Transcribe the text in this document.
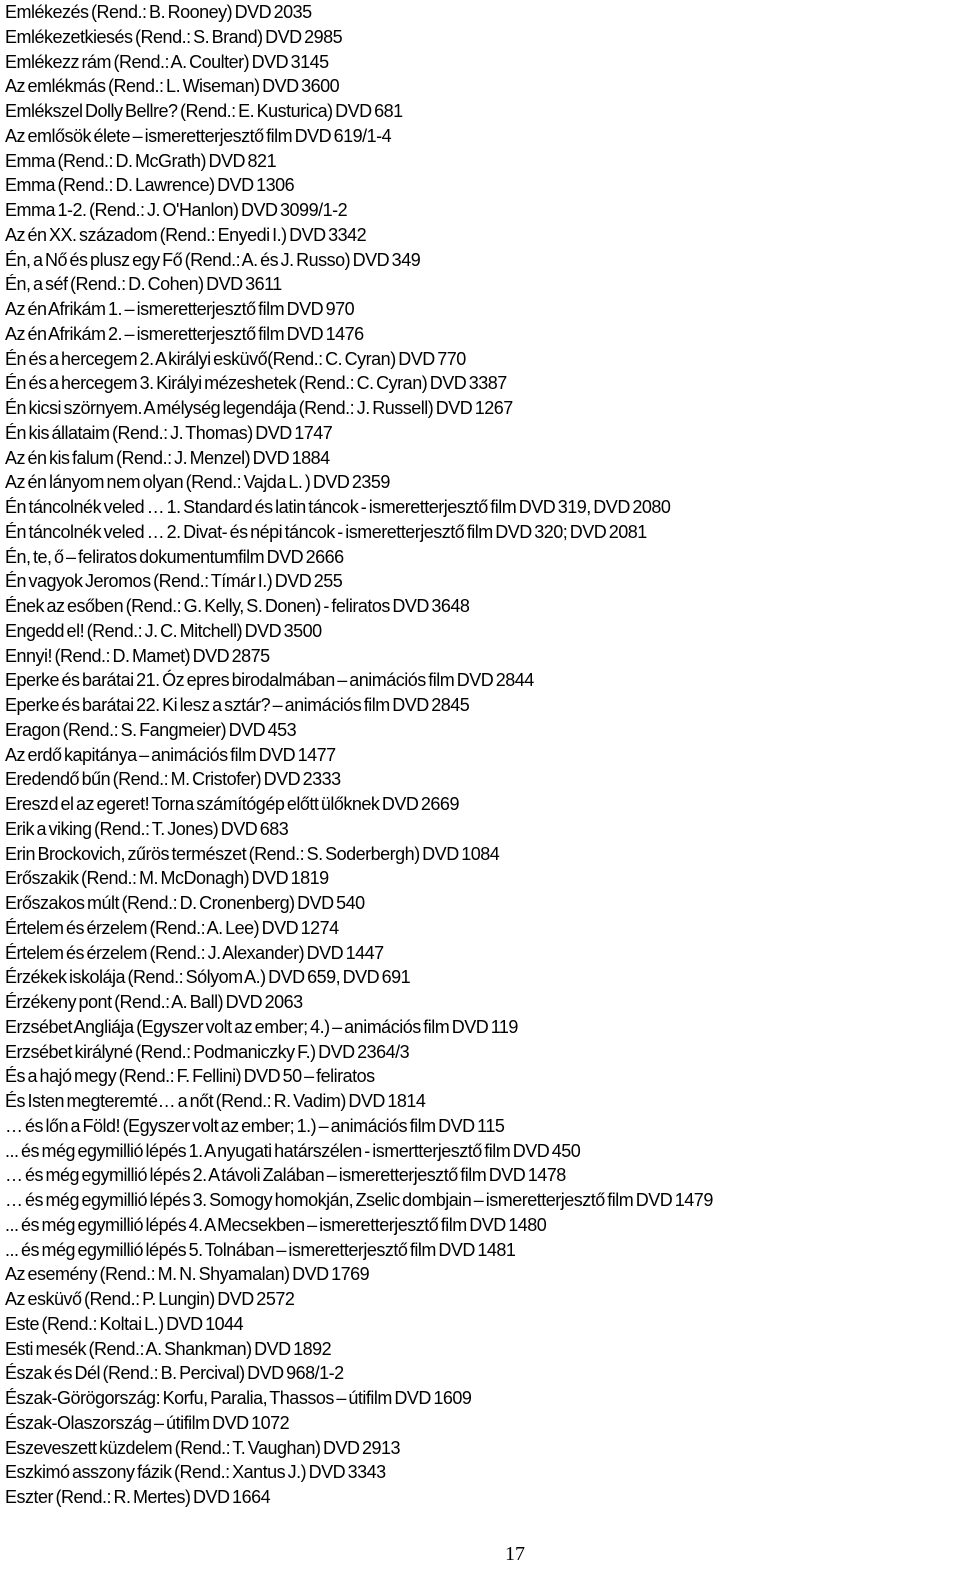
Emlékezés (Rend.: B. Rooney) DVD 2035
Emlékezetkiesés (Rend.: S. Brand) DVD 2985
Emlékezz rám (Rend.: A. Coulter) DVD 3145
Az emlékmás (Rend.: L. Wiseman) DVD 3600
Emlékszel Dolly Bellre? (Rend.: E. Kusturica) DVD 681
Az emlősök élete – ismeretterjesztő film DVD 619/1-4
Emma (Rend.: D. McGrath) DVD 821
Emma (Rend.: D. Lawrence) DVD 1306
Emma 1-2. (Rend.: J. O'Hanlon) DVD 3099/1-2
Az én XX. századom (Rend.: Enyedi I.) DVD 3342
Én, a Nő és plusz egy Fő (Rend.: A. és J. Russo) DVD 349
Én, a séf (Rend.: D. Cohen) DVD 3611
Az én Afrikám 1. – ismeretterjesztő film DVD 970
Az én Afrikám 2. – ismeretterjesztő film DVD 1476
Én és a hercegem 2. A királyi esküvő(Rend.: C. Cyran) DVD 770
Én és a hercegem 3. Királyi mézeshetek (Rend.: C. Cyran) DVD 3387
Én kicsi szörnyem. A mélység legendája (Rend.: J. Russell) DVD 1267
Én kis állataim (Rend.: J. Thomas) DVD 1747
Az én kis falum (Rend.: J. Menzel) DVD 1884
Az én lányom nem olyan (Rend.: Vajda L. ) DVD 2359
Én táncolnék veled … 1. Standard és latin táncok - ismeretterjesztő film DVD 319, DVD 2080
Én táncolnék veled … 2. Divat- és népi táncok - ismeretterjesztő film DVD 320; DVD 2081
Én, te, ő – feliratos dokumentumfilm DVD 2666
Én vagyok Jeromos (Rend.: Tímár I.) DVD 255
Ének az esőben (Rend.: G. Kelly, S. Donen) - feliratos DVD 3648
Engedd el! (Rend.: J. C. Mitchell) DVD 3500
Ennyi! (Rend.: D. Mamet) DVD 2875
Eperke és barátai 21. Óz epres birodalmában – animációs film DVD 2844
Eperke és barátai 22. Ki lesz a sztár? – animációs film DVD 2845
Eragon (Rend.: S. Fangmeier) DVD 453
Az erdő kapitánya – animációs film DVD 1477
Eredendő bűn (Rend.: M. Cristofer) DVD 2333
Ereszd el az egeret! Torna számítógép előtt ülőknek DVD 2669
Erik a viking (Rend.: T. Jones) DVD 683
Erin Brockovich, zűrös természet (Rend.: S. Soderbergh) DVD 1084
Erőszakik (Rend.: M. McDonagh) DVD 1819
Erőszakos múlt (Rend.: D. Cronenberg) DVD 540
Értelem és érzelem (Rend.: A. Lee) DVD 1274
Értelem és érzelem (Rend.: J. Alexander) DVD 1447
Érzékek iskolája (Rend.: Sólyom A.) DVD 659, DVD 691
Érzékeny pont (Rend.: A. Ball) DVD 2063
Erzsébet Angliája (Egyszer volt az ember; 4.) – animációs film DVD 119
Erzsébet királyné (Rend.: Podmaniczky F.) DVD 2364/3
És a hajó megy (Rend.: F. Fellini) DVD 50 – feliratos
És Isten megteremté… a nőt (Rend.: R. Vadim) DVD 1814
… és lőn a Föld! (Egyszer volt az ember; 1.) – animációs film DVD 115
... és még egymillió lépés 1. A nyugati határszélen - ismertterjesztő film DVD 450
… és még egymillió lépés 2. A távoli Zalában – ismeretterjesztő film DVD 1478
… és még egymillió lépés 3. Somogy homokján, Zselic dombjain – ismeretterjesztő film DVD 1479
... és még egymillió lépés 4. A Mecsekben – ismeretterjesztő film DVD 1480
... és még egymillió lépés 5. Tolnában – ismeretterjesztő film DVD 1481
Az esemény (Rend.: M. N. Shyamalan) DVD 1769
Az esküvő (Rend.: P. Lungin) DVD 2572
Este (Rend.: Koltai L.) DVD 1044
Esti mesék (Rend.: A. Shankman) DVD 1892
Észak és Dél (Rend.: B. Percival) DVD 968/1-2
Észak-Görögország: Korfu, Paralia, Thassos – útifilm DVD 1609
Észak-Olaszország – útifilm DVD 1072
Eszeveszett küzdelem (Rend.: T. Vaughan) DVD 2913
Eszkimó asszony fázik (Rend.: Xantus J.) DVD 3343
Eszter (Rend.: R. Mertes) DVD 1664
17
